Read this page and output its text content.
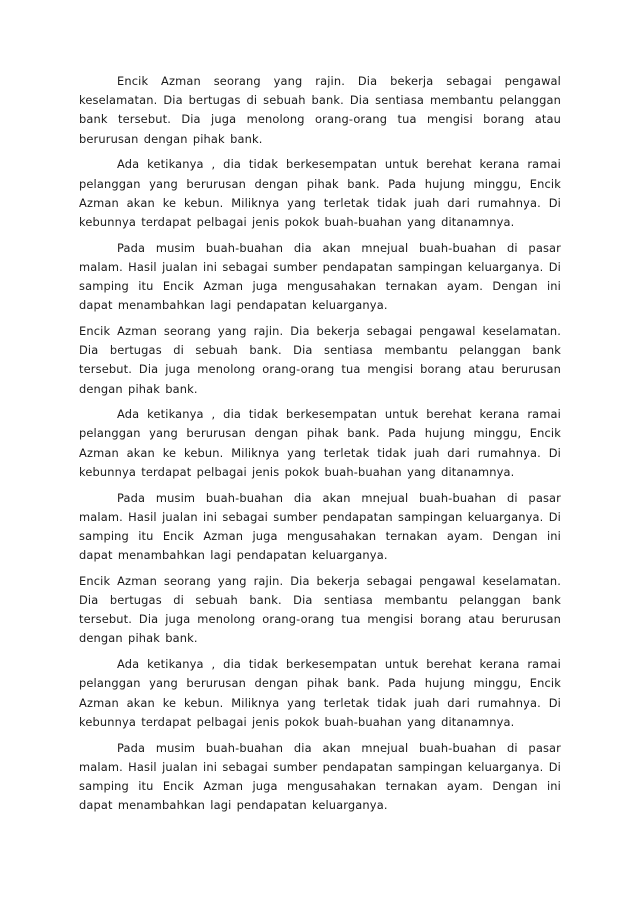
Encik Azman seorang yang rajin. Dia bekerja sebagai pengawal keselamatan. Dia bertugas di sebuah bank. Dia sentiasa membantu pelanggan bank tersebut. Dia juga menolong orang-orang tua mengisi borang atau berurusan dengan pihak bank.

Ada ketikanya , dia tidak berkesempatan untuk berehat kerana ramai pelanggan yang berurusan dengan pihak bank. Pada hujung minggu, Encik Azman akan ke kebun. Miliknya yang terletak tidak juah dari rumahnya. Di kebunnya terdapat pelbagai jenis pokok buah-buahan yang ditanamnya.

Pada musim buah-buahan dia akan mnejual buah-buahan di pasar malam. Hasil jualan ini sebagai sumber pendapatan sampingan keluarganya. Di samping itu Encik Azman juga mengusahakan ternakan ayam. Dengan ini dapat menambahkan lagi pendapatan keluarganya.

Encik Azman seorang yang rajin. Dia bekerja sebagai pengawal keselamatan. Dia bertugas di sebuah bank. Dia sentiasa membantu pelanggan bank tersebut. Dia juga menolong orang-orang tua mengisi borang atau berurusan dengan pihak bank.

Ada ketikanya , dia tidak berkesempatan untuk berehat kerana ramai pelanggan yang berurusan dengan pihak bank. Pada hujung minggu, Encik Azman akan ke kebun. Miliknya yang terletak tidak juah dari rumahnya. Di kebunnya terdapat pelbagai jenis pokok buah-buahan yang ditanamnya.

Pada musim buah-buahan dia akan mnejual buah-buahan di pasar malam. Hasil jualan ini sebagai sumber pendapatan sampingan keluarganya. Di samping itu Encik Azman juga mengusahakan ternakan ayam. Dengan ini dapat menambahkan lagi pendapatan keluarganya.

Encik Azman seorang yang rajin. Dia bekerja sebagai pengawal keselamatan. Dia bertugas di sebuah bank. Dia sentiasa membantu pelanggan bank tersebut. Dia juga menolong orang-orang tua mengisi borang atau berurusan dengan pihak bank.

Ada ketikanya , dia tidak berkesempatan untuk berehat kerana ramai pelanggan yang berurusan dengan pihak bank. Pada hujung minggu, Encik Azman akan ke kebun. Miliknya yang terletak tidak juah dari rumahnya. Di kebunnya terdapat pelbagai jenis pokok buah-buahan yang ditanamnya.

Pada musim buah-buahan dia akan mnejual buah-buahan di pasar malam. Hasil jualan ini sebagai sumber pendapatan sampingan keluarganya. Di samping itu Encik Azman juga mengusahakan ternakan ayam. Dengan ini dapat menambahkan lagi pendapatan keluarganya.
